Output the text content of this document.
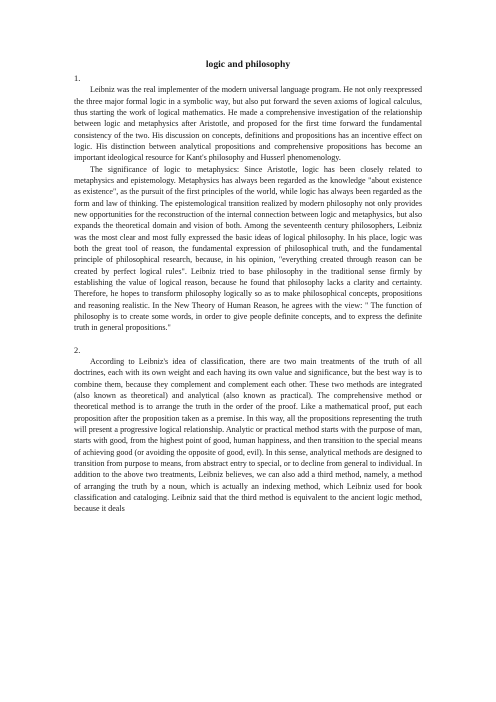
logic and philosophy

1.

Leibniz was the real implementer of the modern universal language program. He not only reexpressed the three major formal logic in a symbolic way, but also put forward the seven axioms of logical calculus, thus starting the work of logical mathematics. He made a comprehensive investigation of the relationship between logic and metaphysics after Aristotle, and proposed for the first time forward the fundamental consistency of the two. His discussion on concepts, definitions and propositions has an incentive effect on logic. His distinction between analytical propositions and comprehensive propositions has become an important ideological resource for Kant's philosophy and Husserl phenomenology.

The significance of logic to metaphysics: Since Aristotle, logic has been closely related to metaphysics and epistemology. Metaphysics has always been regarded as the knowledge "about existence as existence", as the pursuit of the first principles of the world, while logic has always been regarded as the form and law of thinking. The epistemological transition realized by modern philosophy not only provides new opportunities for the reconstruction of the internal connection between logic and metaphysics, but also expands the theoretical domain and vision of both. Among the seventeenth century philosophers, Leibniz was the most clear and most fully expressed the basic ideas of logical philosophy. In his place, logic was both the great tool of reason, the fundamental expression of philosophical truth, and the fundamental principle of philosophical research, because, in his opinion, "everything created through reason can be created by perfect logical rules". Leibniz tried to base philosophy in the traditional sense firmly by establishing the value of logical reason, because he found that philosophy lacks a clarity and certainty. Therefore, he hopes to transform philosophy logically so as to make philosophical concepts, propositions and reasoning realistic. In the New Theory of Human Reason, he agrees with the view: " The function of philosophy is to create some words, in order to give people definite concepts, and to express the definite truth in general propositions."

2.

According to Leibniz's idea of classification, there are two main treatments of the truth of all doctrines, each with its own weight and each having its own value and significance, but the best way is to combine them, because they complement and complement each other. These two methods are integrated (also known as theoretical) and analytical (also known as practical). The comprehensive method or theoretical method is to arrange the truth in the order of the proof. Like a mathematical proof, put each proposition after the proposition taken as a premise. In this way, all the propositions representing the truth will present a progressive logical relationship. Analytic or practical method starts with the purpose of man, starts with good, from the highest point of good, human happiness, and then transition to the special means of achieving good (or avoiding the opposite of good, evil). In this sense, analytical methods are designed to transition from purpose to means, from abstract entry to special, or to decline from general to individual. In addition to the above two treatments, Leibniz believes, we can also add a third method, namely, a method of arranging the truth by a noun, which is actually an indexing method, which Leibniz used for book classification and cataloging. Leibniz said that the third method is equivalent to the ancient logic method, because it deals
